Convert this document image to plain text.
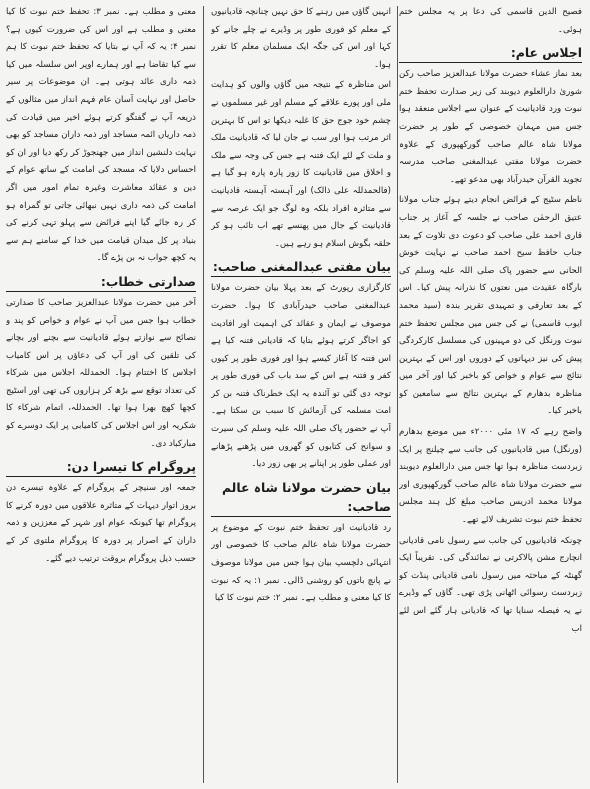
فصیح الدین قاسمی کی دعا پر یہ مجلس ختم ہوئی۔

اجلاس عام:

بعد نماز عشاء حضرت مولانا عبدالعزیز صاحب رکن شوریٰ دارالعلوم دیوبند کی زیر صدارت تحفظ ختم نبوت ورد قادیانیت کے عنوان سے اجلاس منعقد ہوا جس میں مہمان خصوصی کے طور پر حضرت مولانا شاہ عالم صاحب گورکھپوری کے علاوہ حضرت مولانا مفتی عبدالمغنی صاحب مدرسہ تجوید القرآن حیدرآباد بھی مدعو تھے۔

ناظم سٹیج کے فرائض انجام دیتے ہوئے جناب مولانا عتیق الرحمٰن صاحب نے جلسہ کے آغاز پر جناب قاری احمد علی صاحب کو دعوت دی تلاوت کے بعد جناب حافظ سیح احمد صاحب نے نہایت خوش الحانی سے حضور پاک صلی اللہ علیہ وسلم کی بارگاہ عقیدت میں نعتوں کا نذرانہ پیش کیا۔ اس کے بعد تعارفی و تمہیدی تقریر بندہ (سید محمد ایوب قاسمی) نے کی جس میں مجلس تحفظ ختم نبوت ورنگل کی دو مہینوں کی مسلسل کارکردگی پیش کی نیز دیہاتوں کے دوروں اور اس کے بہترین نتائج سے عوام و خواص کو باخبر کیا اور آخر میں مناظرہ بدھارم کے بہترین نتائج سے سامعین کو باخبر کیا۔

واضح رہے کہ ۱۷ مئی ۲۰۰۰ء میں موضع بدھارم (ورنگل) میں قادیانیوں کی جانب سے چیلنج پر ایک زبردست مناظرہ ہوا تھا جس میں دارالعلوم دیوبند سے حضرت مولانا شاہ عالم صاحب گورکھپوری اور مولانا محمد ادریس صاحب مبلغ کل ہند مجلس تحفظ ختم نبوت تشریف لائے تھے۔

چونکہ قادیانیوں کی جانب سے رسول نامی قادیانی انچارج مشن پالاکرتی نے نمائندگی کی۔ تقریباً ایک گھنٹہ کے مباحثہ میں رسول نامی قادیانی پنڈت کو زبردست رسوائی اٹھانی پڑی تھی۔ گاؤں کے وڈیرے نے یہ فیصلہ سنایا تھا کہ قادیانی ہار گئے اس لئے اب

انہیں گاؤں میں رہنے کا حق نہیں چنانچہ قادیانیوں کے معلم کو فوری طور پر وڈیرے نے چلے جانے کو کہا اور اس کی جگہ ایک مسلمان معلم کا تقرر ہوا۔

اس مناظرہ کے نتیجہ میں گاؤں والوں کو ہدایت ملی اور پورے علاقے کے مسلم اور غیر مسلموں نے چشم خود جوج حق کا غلبہ دیکھا تو اس کا بہترین اثر مرتب ہوا اور سب نے جان لیا کہ قادیانیت ملک و ملت کے لئے ایک فتنہ ہے جس کی وجہ سے ملک و اخلاق میں قادیانیت کا زور پارہ پارہ ہو گیا ہے (فالحمدللہ علی ذالک) اور آہستہ آہستہ قادیانیت سے متاثرہ افراد بلکہ وہ لوگ جو ایک عرصہ سے قادیانیت کے جال میں پھنسے تھے اب تائب ہو کر حلقہ بگوش اسلام ہو رہے ہیں۔

بیان مفتی عبدالمغنی صاحب:

کارگزاری رپورٹ کے بعد پہلا بیان حضرت مولانا عبدالمغنی صاحب حیدرآبادی کا ہوا۔ حضرت موصوف نے ایمان و عقائد کی اہمیت اور افادیت کو اجاگر کرتے ہوئے بتایا کہ قادیانی فتنہ کیا ہے اس فتنہ کا آغاز کیسے ہوا اور فوری طور پر کیوں کفر و فتنہ ہے اس کے سد باب کی فوری طور پر توجہ دی گئی تو آئندہ یہ ایک خطرناک فتنہ بن کر امت مسلمہ کی آزمائش کا سبب بن سکتا ہے۔ آپ نے حضور پاک صلی اللہ علیہ وسلم کی سیرت و سوانح کی کتابوں کو گھروں میں پڑھنے پڑھانے اور عملی طور پر اپنانے پر بھی زور دیا۔

بیان حضرت مولانا شاہ عالم صاحب:

رد قادیانیت اور تحفظ ختم نبوت کے موضوع پر حضرت مولانا شاہ عالم صاحب کا خصوصی اور انتہائی دلچسپ بیان ہوا جس میں مولانا موصوف نے پانچ باتوں کو روشنی ڈالی۔ نمبر ۱: یہ کہ نبوت کا کیا معنی و مطلب ہے۔ نمبر ۲: ختم نبوت کا کیا

معنی و مطلب ہے۔ نمبر ۳: تحفظ ختم نبوت کا کیا معنی و مطلب ہے اور اس کی ضرورت کیوں ہے؟ نمبر ۴: یہ کہ آپ نے بتایا کہ تحفظ ختم نبوت کا ہم سے کیا تقاضا ہے اور ہمارے اوپر اس سلسلہ میں کیا ذمہ داری عائد ہوتی ہے۔ ان موضوعات پر سیر حاصل اور نہایت آسان عام فہم انداز میں مثالوں کے ذریعہ آپ نے گفتگو کرتے ہوئے اخیر میں قیادت کی ذمہ داریاں ائمہ مساجد اور ذمہ داران مساجد کو بھی نہایت دلنشین انداز میں جھنجوڑ کر رکھ دیا اور ان کو احساس دلایا کہ مسجد کی امامت کے ساتھ عوام کے دین و عقائد معاشرت وغیرہ تمام امور میں اگر امامت کی ذمہ داری نہیں نبھائی جاتی تو گمراہ ہو کر رہ جائے گیا اپنے فرائض سے پہلو تہی کرنے کی بنیاد پر کل میدان قیامت میں خدا کے سامنے ہم سے یہ کچھ جواب نہ بن پڑے گا۔

صدارتی خطاب:

آخر میں حضرت مولانا عبدالعزیز صاحب کا صدارتی خطاب ہوا جس میں آپ نے عوام و خواص کو پند و نصائح سے نوازتے ہوئے قادیانیت سے بچنے اور بچانے کی تلقین کی اور آپ کی دعاؤں پر اس کامیاب اجلاس کا اختتام ہوا۔ الحمدللہ اجلاس میں شرکاء کی تعداد توقع سے بڑھ کر ہزاروں کی تھی اور اسٹیج کچھا کھچ بھرا ہوا تھا۔ الحمدللہ، اتمام شرکاء کا شکریہ اور اس اجلاس کی کامیابی پر ایک دوسرے کو مبارکباد دی۔

پروگرام کا تیسرا دن:

جمعہ اور سنیچر کے پروگرام کے علاوہ تیسرے دن بروز اتوار دیہات کے متاثرہ علاقوں میں دورہ کرنے کا پروگرام تھا کیونکہ عوام اور شہر کے معززین و ذمہ داران کے اصرار پر دورہ کا پروگرام ملتوی کر کے حسب ذیل پروگرام بروقت ترتیب دیے گئے۔
